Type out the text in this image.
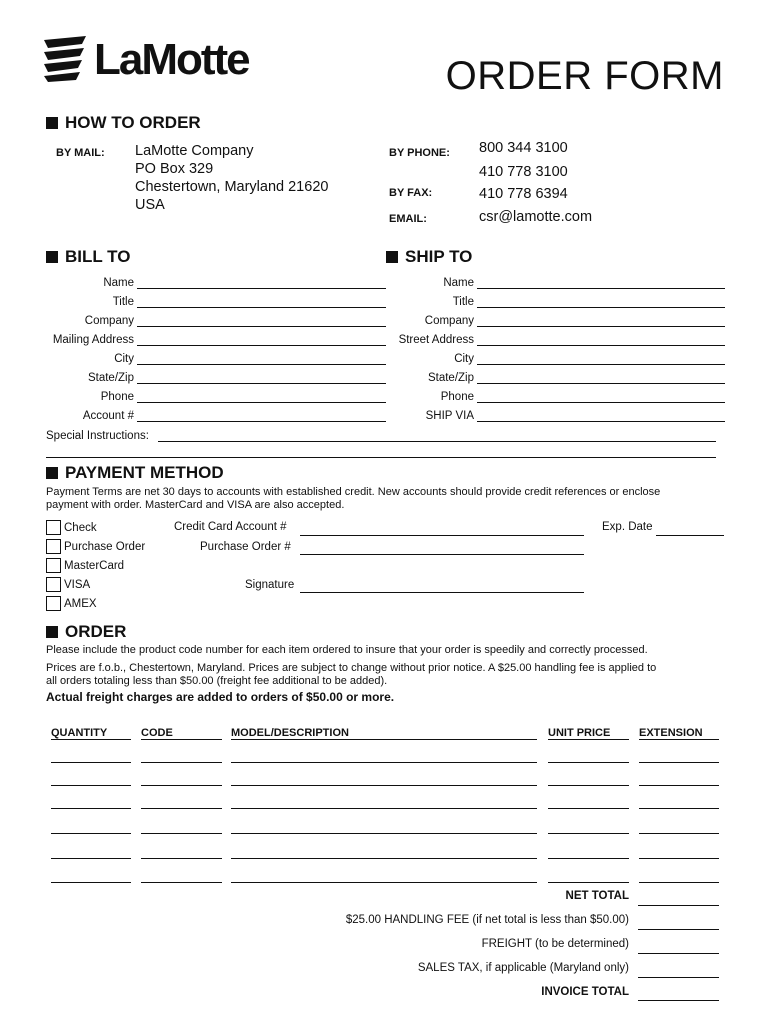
LaMotte	ORDER FORM
HOW TO ORDER
BY MAIL: LaMotte Company
PO Box 329
Chestertown, Maryland 21620
USA
BY PHONE: 800 344 3100
410 778 3100
BY FAX:	410 778 6394
EMAIL:	csr@lamotte.com
BILL TO
Name
Title
Company
Mailing Address
City
State/Zip
Phone
Account #
SHIP TO
Name
Title
Company
Street Address
City
State/Zip
Phone
SHIP VIA
Special Instructions:
PAYMENT METHOD
Payment Terms are net 30 days to accounts with established credit. New accounts should provide credit references or enclose
payment with order. MasterCard and VISA are also accepted.
Check
Purchase Order
MasterCard
VISA
AMEX
Credit Card Account #
Purchase Order #
Signature
Exp. Date
ORDER
Please include the product code number for each item ordered to insure that your order is speedily and correctly processed.
Prices are f.o.b., Chestertown, Maryland. Prices are subject to change without prior notice. A $25.00 handling fee is applied to
all orders totaling less than $50.00 (freight fee additional to be added).
Actual freight charges are added to orders of $50.00 or more.
QUANTITY	CODE	MODEL/DESCRIPTION	UNIT PRICE	EXTENSION
NET TOTAL
$25.00 HANDLING FEE (if net total is less than $50.00)
FREIGHT (to be determined)
SALES TAX, if applicable (Maryland only)
INVOICE TOTAL
